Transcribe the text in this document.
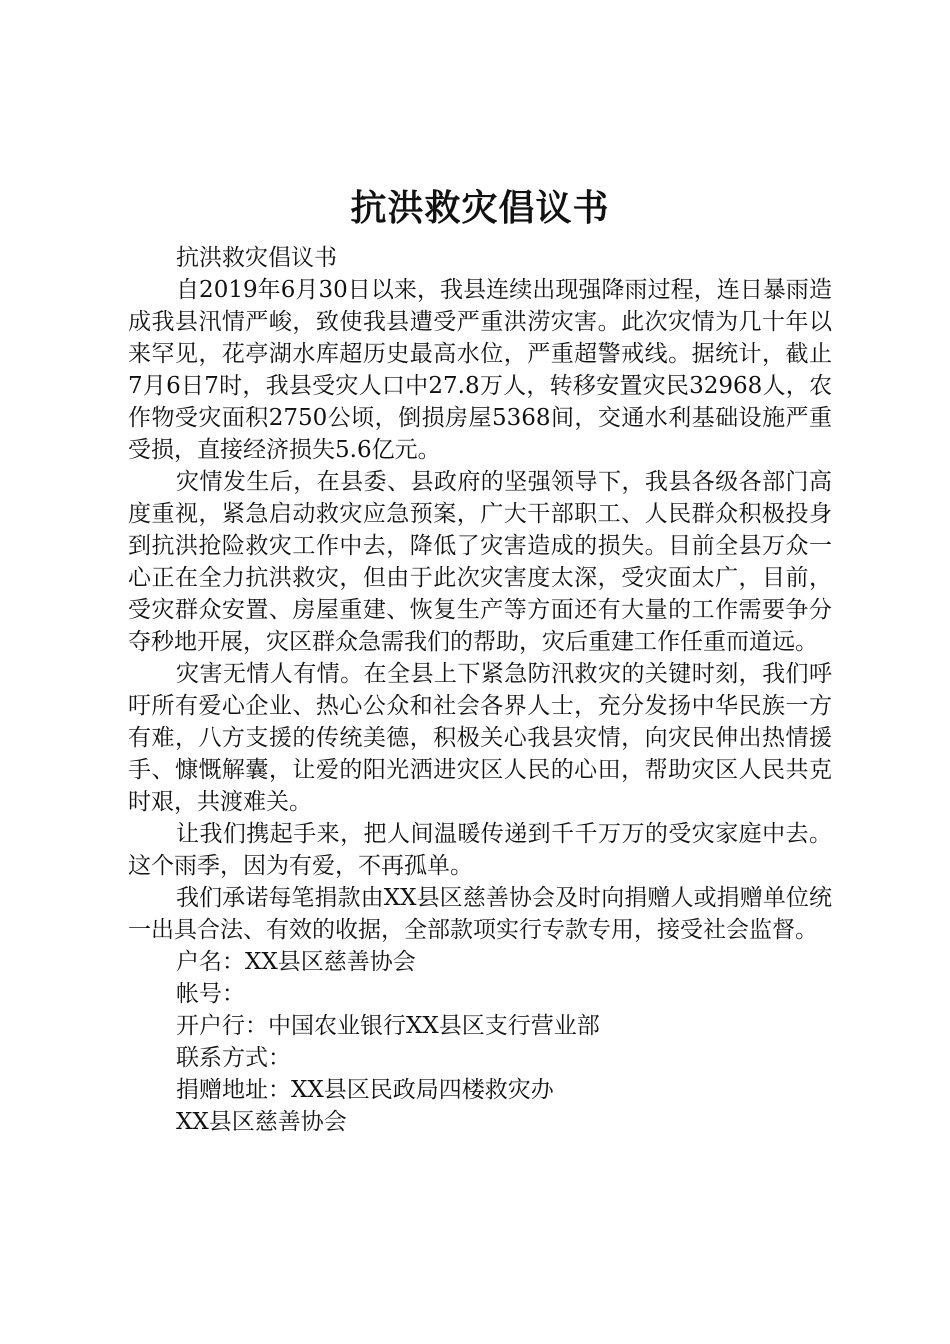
抗洪救灾倡议书

抗洪救灾倡议书

自2019年6月30日以来，我县连续出现强降雨过程，连日暴雨造成我县汛情严峻，致使我县遭受严重洪涝灾害。此次灾情为几十年以来罕见，花亭湖水库超历史最高水位，严重超警戒线。据统计，截止7月6日7时，我县受灾人口中27.8万人，转移安置灾民32968人，农作物受灾面积2750公顷，倒损房屋5368间，交通水利基础设施严重受损，直接经济损失5.6亿元。

灾情发生后，在县委、县政府的坚强领导下，我县各级各部门高度重视，紧急启动救灾应急预案，广大干部职工、人民群众积极投身到抗洪抢险救灾工作中去，降低了灾害造成的损失。目前全县万众一心正在全力抗洪救灾，但由于此次灾害度太深，受灾面太广，目前，受灾群众安置、房屋重建、恢复生产等方面还有大量的工作需要争分夺秒地开展，灾区群众急需我们的帮助，灾后重建工作任重而道远。

灾害无情人有情。在全县上下紧急防汛救灾的关键时刻，我们呼吁所有爱心企业、热心公众和社会各界人士，充分发扬中华民族一方有难，八方支援的传统美德，积极关心我县灾情，向灾民伸出热情援手、慷慨解囊，让爱的阳光洒进灾区人民的心田，帮助灾区人民共克时艰，共渡难关。

让我们携起手来，把人间温暖传递到千千万万的受灾家庭中去。这个雨季，因为有爱，不再孤单。

我们承诺每笔捐款由XX县区慈善协会及时向捐赠人或捐赠单位统一出具合法、有效的收据，全部款项实行专款专用，接受社会监督。

户名：XX县区慈善协会

帐号：

开户行：中国农业银行XX县区支行营业部

联系方式：

捐赠地址：XX县区民政局四楼救灾办

XX县区慈善协会
